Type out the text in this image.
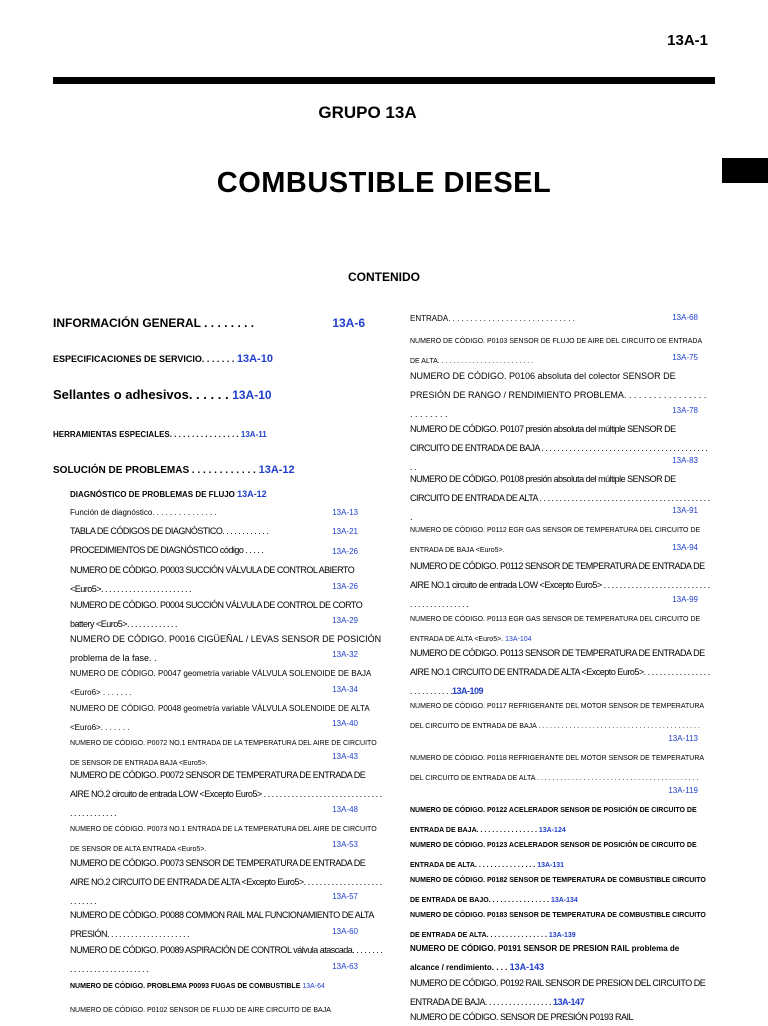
13A-1
GRUPO 13A
COMBUSTIBLE DIESEL
CONTENIDO
INFORMACIÓN GENERAL . . . . . . . .	13A-6
ESPECIFICACIONES DE SERVICIO. . . . . . . 13A-10
Sellantes o adhesivos. . . . . . 13A-10
HERRAMIENTAS ESPECIALES. . . . . . . . . . . . . . . . 13A-11
SOLUCIÓN DE PROBLEMAS . . . . . . . . . . . . 13A-12
DIAGNÓSTICO DE PROBLEMAS DE FLUJO 13A-12
Función de diagnóstico. . . . . . . . . . . . . . .	13A-13
TABLA DE CÓDIGOS DE DIAGNÓSTICO. . . . . . . . . . . .	13A-21
PROCEDIMIENTOS DE DIAGNÓSTICO código . . . . .	13A-26
NUMERO DE CÓDIGO. P0003 SUCCIÓN VÁLVULA DE CONTROL ABIERTO <Euro5>. . . . . . . . . . . . . . . . . . . . . . .	13A-26
NUMERO DE CÓDIGO. P0004 SUCCIÓN VÁLVULA DE CONTROL DE CORTO battery <Euro5>. . . . . . . . . . . . .	13A-29
NUMERO DE CÓDIGO. P0016 CIGÜEÑAL / LEVAS SENSOR DE POSICIÓN problema de la fase. .	13A-32
NUMERO DE CÓDIGO. P0047 geometría variable VÁLVULA SOLENOIDE DE BAJA <Euro6> . . . . . . .	13A-34
NUMERO DE CÓDIGO. P0048 geometría variable VÁLVULA SOLENOIDE DE ALTA <Euro6>. . . . . . .	13A-40
NUMERO DE CÓDIGO. P0072 NO.1 ENTRADA DE LA TEMPERATURA DEL AIRE DE CIRCUITO DE SENSOR DE ENTRADA BAJA <Euro5>.
13A-43
NUMERO DE CÓDIGO. P0072 SENSOR DE TEMPERATURA DE ENTRADA DE AIRE NO.2 circuito de entrada LOW <Excepto Euro5> . . . . . . . . . . . . . . . . . . . . . . . . . . . . . . . . . . . . . . . . . .	13A-48
NUMERO DE CÓDIGO. P0073 NO.1 ENTRADA DE LA TEMPERATURA DEL AIRE DE CIRCUITO DE SENSOR DE ALTA ENTRADA <Euro5>.
13A-53
NUMERO DE CÓDIGO. P0073 SENSOR DE TEMPERATURA DE ENTRADA DE AIRE NO.2 CIRCUITO DE ENTRADA DE ALTA <Excepto Euro5>. . . . . . . . . . . . . . . . . . . . . . . . . . .	13A-57
NUMERO DE CÓDIGO. P0088 COMMON RAIL MAL FUNCIONAMIENTO DE ALTA PRESIÓN. . . . . . . . . . . . . . . . . . . . .	13A-60
NUMERO DE CÓDIGO. P0089 ASPIRACIÓN DE CONTROL válvula atascada. . . . . . . . . . . . . . . . . . . . . . . . . . . .	13A-63
NUMERO DE CÓDIGO. PROBLEMA P0093 FUGAS DE COMBUSTIBLE 13A-64
NUMERO DE CÓDIGO. P0102 SENSOR DE FLUJO DE AIRE CIRCUITO DE BAJA
ENTRADA. . . . . . . . . . . . . . . . . . . . . . . . . . . . .	13A-68
NUMERO DE CÓDIGO. P0103 SENSOR DE FLUJO DE AIRE DEL CIRCUITO DE ENTRADA DE ALTA. . . . . . . . . . . . . . . . . . . . . . . . .	13A-75
NUMERO DE CÓDIGO. P0106 absoluta del colector SENSOR DE PRESIÓN DE RANGO / RENDIMIENTO PROBLEMA. . . . . . . . . . . . . . . . . . . . . . . . .	13A-78
NUMERO DE CÓDIGO. P0107 presión absoluta del múltiple SENSOR DE CIRCUITO DE ENTRADA DE BAJA . . . . . . . . . . . . . . . . . . . . . . . . . . . . . . . . . . . . . . . . . . . .
13A-83
NUMERO DE CÓDIGO. P0108 presión absoluta del múltiple SENSOR DE CIRCUITO DE ENTRADA DE ALTA . . . . . . . . . . . . . . . . . . . . . . . . . . . . . . . . . . . . . . . . . . . .
13A-91
NUMERO DE CÓDIGO. P0112 EGR GAS SENSOR DE TEMPERATURA DEL CIRCUITO DE ENTRADA DE BAJA <Euro5>.	13A-94
NUMERO DE CÓDIGO. P0112 SENSOR DE TEMPERATURA DE ENTRADA DE AIRE NO.1 circuito de entrada LOW <Excepto Euro5> . . . . . . . . . . . . . . . . . . . . . . . . . . . . . . . . . . . . . . . . . .	13A-99
NUMERO DE CÓDIGO. P0113 EGR GAS SENSOR DE TEMPERATURA DEL CIRCUITO DE ENTRADA DE ALTA <Euro5>. 13A-104
NUMERO DE CÓDIGO. P0113 SENSOR DE TEMPERATURA DE ENTRADA DE AIRE NO.1 CIRCUITO DE ENTRADA DE ALTA <Excepto Euro5>. . . . . . . . . . . . . . . . . . . . . . . . . . . .13A-109
NUMERO DE CÓDIGO. P0117 REFRIGERANTE DEL MOTOR SENSOR DE TEMPERATURA DEL CIRCUITO DE ENTRADA DE BAJA . . . . . . . . . . . . . . . . . . . . . . . . . . . . . . . . . . . . . . . . . .
13A-113
NUMERO DE CÓDIGO. P0118 REFRIGERANTE DEL MOTOR SENSOR DE TEMPERATURA DEL CIRCUITO DE ENTRADA DE ALTA . . . . . . . . . . . . . . . . . . . . . . . . . . . . . . . . . . . . . . . . . .
13A-119
NUMERO DE CÓDIGO. P0122 ACELERADOR SENSOR DE POSICIÓN DE CIRCUITO DE ENTRADA DE BAJA. . . . . . . . . . . . . . . . 13A-124
NUMERO DE CÓDIGO. P0123 ACELERADOR SENSOR DE POSICIÓN DE CIRCUITO DE ENTRADA DE ALTA. . . . . . . . . . . . . . . . 13A-131
NUMERO DE CÓDIGO. P0182 SENSOR DE TEMPERATURA DE COMBUSTIBLE CIRCUITO DE ENTRADA DE BAJO. . . . . . . . . . . . . . . . 13A-134
NUMERO DE CÓDIGO. P0183 SENSOR DE TEMPERATURA DE COMBUSTIBLE CIRCUITO DE ENTRADA DE ALTA. . . . . . . . . . . . . . . . 13A-139
NUMERO DE CÓDIGO. P0191 SENSOR DE PRESION RAIL problema de alcance / rendimiento. . . . 13A-143
NUMERO DE CÓDIGO. P0192 RAIL SENSOR DE PRESION DEL CIRCUITO DE ENTRADA DE BAJA. . . . . . . . . . . . . . . . . 13A-147
NUMERO DE CÓDIGO. SENSOR DE PRESIÓN P0193 RAIL
